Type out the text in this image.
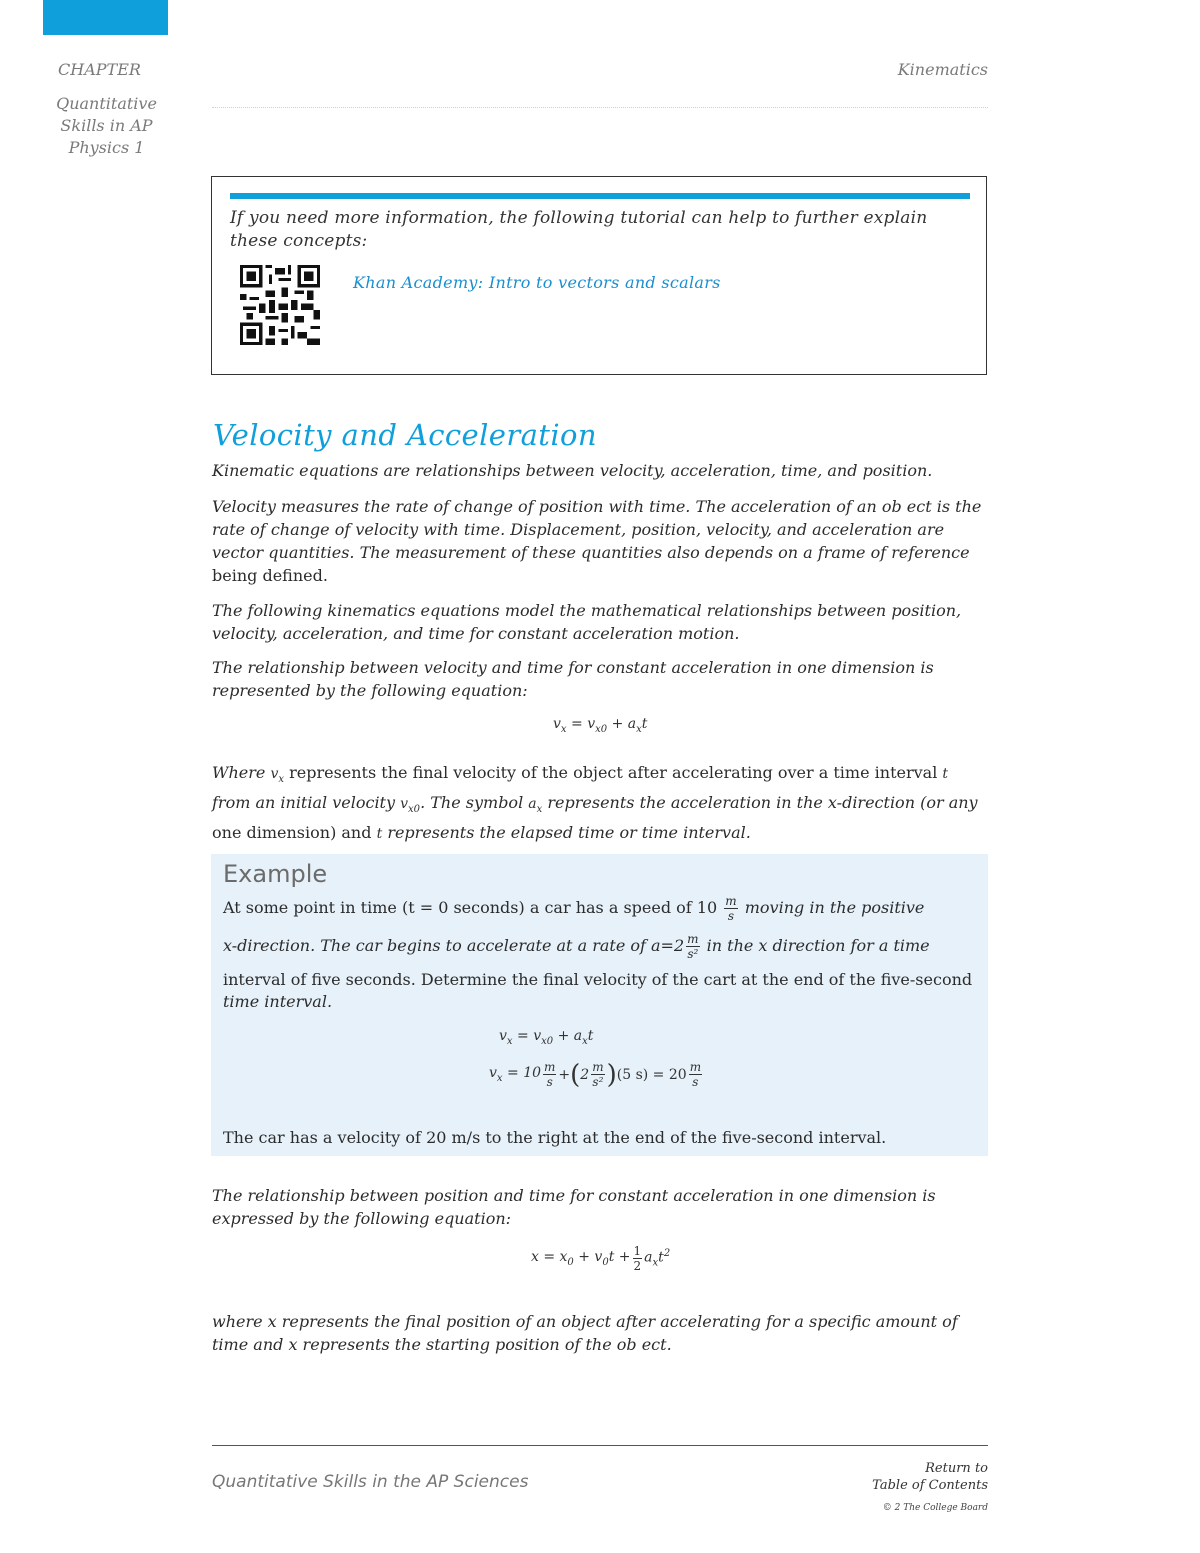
CHAPTER
Quantitative Skills in AP Physics 1
Kinematics
If you need more information, the following tutorial can help to further explain these concepts:
Khan Academy: Intro to vectors and scalars
Velocity and Acceleration
Kinematic equations are relationships between velocity, acceleration, time, and position.
Velocity measures the rate of change of position with time. The acceleration of an ob ect is the rate of change of velocity with time. Displacement, position, velocity, and acceleration are vector quantities. The measurement of these quantities also depends on a frame of reference being defined.
The following kinematics equations model the mathematical relationships between position, velocity, acceleration, and time for constant acceleration motion.
The relationship between velocity and time for constant acceleration in one dimension is represented by the following equation:
$v_x = v_{x0} + a_xt$
Where $v_x$ represents the final velocity of the object after accelerating over a time interval t
from an initial velocity $v_{x0}$. The symbol $a_x$ represents the acceleration in the x-direction (or any
one dimension) and t represents the elapsed time or time interval.
Example
At some point in time (t = 0 seconds) a car has a speed of $10 \frac{m}{s}$ moving in the positive
x-direction. The car begins to accelerate at a rate of $a=2 \frac{m}{\text{s²}}$ in the x direction for a time
interval of five seconds. Determine the final velocity of the cart at the end of the five-second
time interval.
$v_x = v_{x0} + a_xt$
$v_x = 10 \frac{m}{s}$ + ( $2 \frac{m}{\text{s²}}$ ) (5 $s) = 20 \frac{m}{s}$
The car has a velocity of 20 m/s to the right at the end of the five-second interval.
The relationship between position and time for constant acceleration in one dimension is expressed by the following equation:
$x = x_0 + v_0t + \frac{1}{2} a_xt^2$
where x represents the final position of an object after accelerating for a specific amount of
time and x represents the starting position of the ob ect.
Quantitative Skills in the AP Sciences
Return to
Table of Contents
© 2 The College Board
